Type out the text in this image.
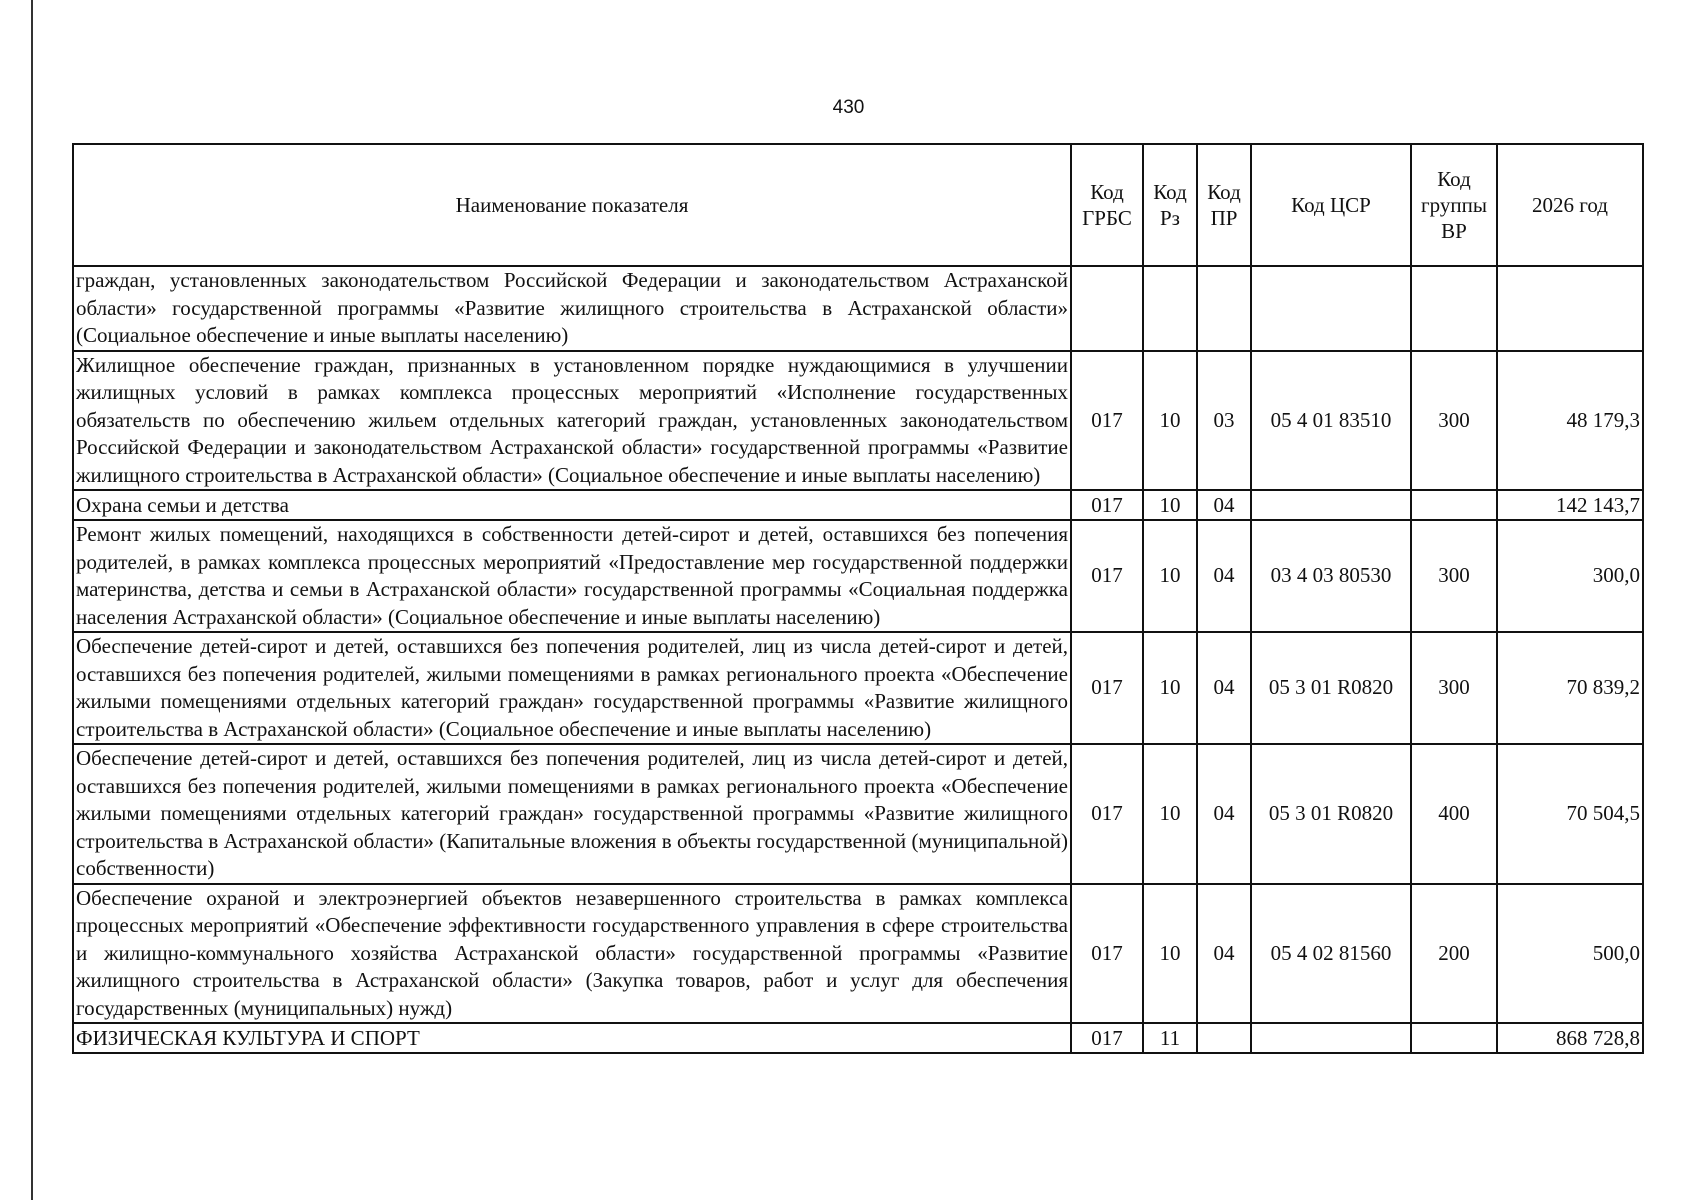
430
Наименование показателя	Код ГРБС	Код Рз	Код ПР	Код ЦСР	Код группы ВР	2026 год
граждан, установленных законодательством Российской Федерации и законодательством Астраханской области» государственной программы «Развитие жилищного строительства в Астраханской области» (Социальное обеспечение и иные выплаты населению)						
Жилищное обеспечение граждан, признанных в установленном порядке нуждающимися в улучшении жилищных условий в рамках комплекса процессных мероприятий «Исполнение государственных обязательств по обеспечению жильем отдельных категорий граждан, установленных законодательством Российской Федерации и законодательством Астраханской области» государственной программы «Развитие жилищного строительства в Астраханской области» (Социальное обеспечение и иные выплаты населению)	017	10	03	05 4 01 83510	300	48 179,3
Охрана семьи и детства	017	10	04			142 143,7
Ремонт жилых помещений, находящихся в собственности детей-сирот и детей, оставшихся без попечения родителей, в рамках комплекса процессных мероприятий «Предоставление мер государственной поддержки материнства, детства и семьи в Астраханской области» государственной программы «Социальная поддержка населения Астраханской области» (Социальное обеспечение и иные выплаты населению)	017	10	04	03 4 03 80530	300	300,0
Обеспечение детей-сирот и детей, оставшихся без попечения родителей, лиц из числа детей-сирот и детей, оставшихся без попечения родителей, жилыми помещениями в рамках регионального проекта «Обеспечение жилыми помещениями отдельных категорий граждан» государственной программы «Развитие жилищного строительства в Астраханской области» (Социальное обеспечение и иные выплаты населению)	017	10	04	05 3 01 R0820	300	70 839,2
Обеспечение детей-сирот и детей, оставшихся без попечения родителей, лиц из числа детей-сирот и детей, оставшихся без попечения родителей, жилыми помещениями в рамках регионального проекта «Обеспечение жилыми помещениями отдельных категорий граждан» государственной программы «Развитие жилищного строительства в Астраханской области» (Капитальные вложения в объекты государственной (муниципальной) собственности)	017	10	04	05 3 01 R0820	400	70 504,5
Обеспечение охраной и электроэнергией объектов незавершенного строительства в рамках комплекса процессных мероприятий «Обеспечение эффективности государственного управления в сфере строительства и жилищно-коммунального хозяйства Астраханской области» государственной программы «Развитие жилищного строительства в Астраханской области» (Закупка товаров, работ и услуг для обеспечения государственных (муниципальных) нужд)	017	10	04	05 4 02 81560	200	500,0
ФИЗИЧЕСКАЯ КУЛЬТУРА И СПОРТ	017	11				868 728,8
